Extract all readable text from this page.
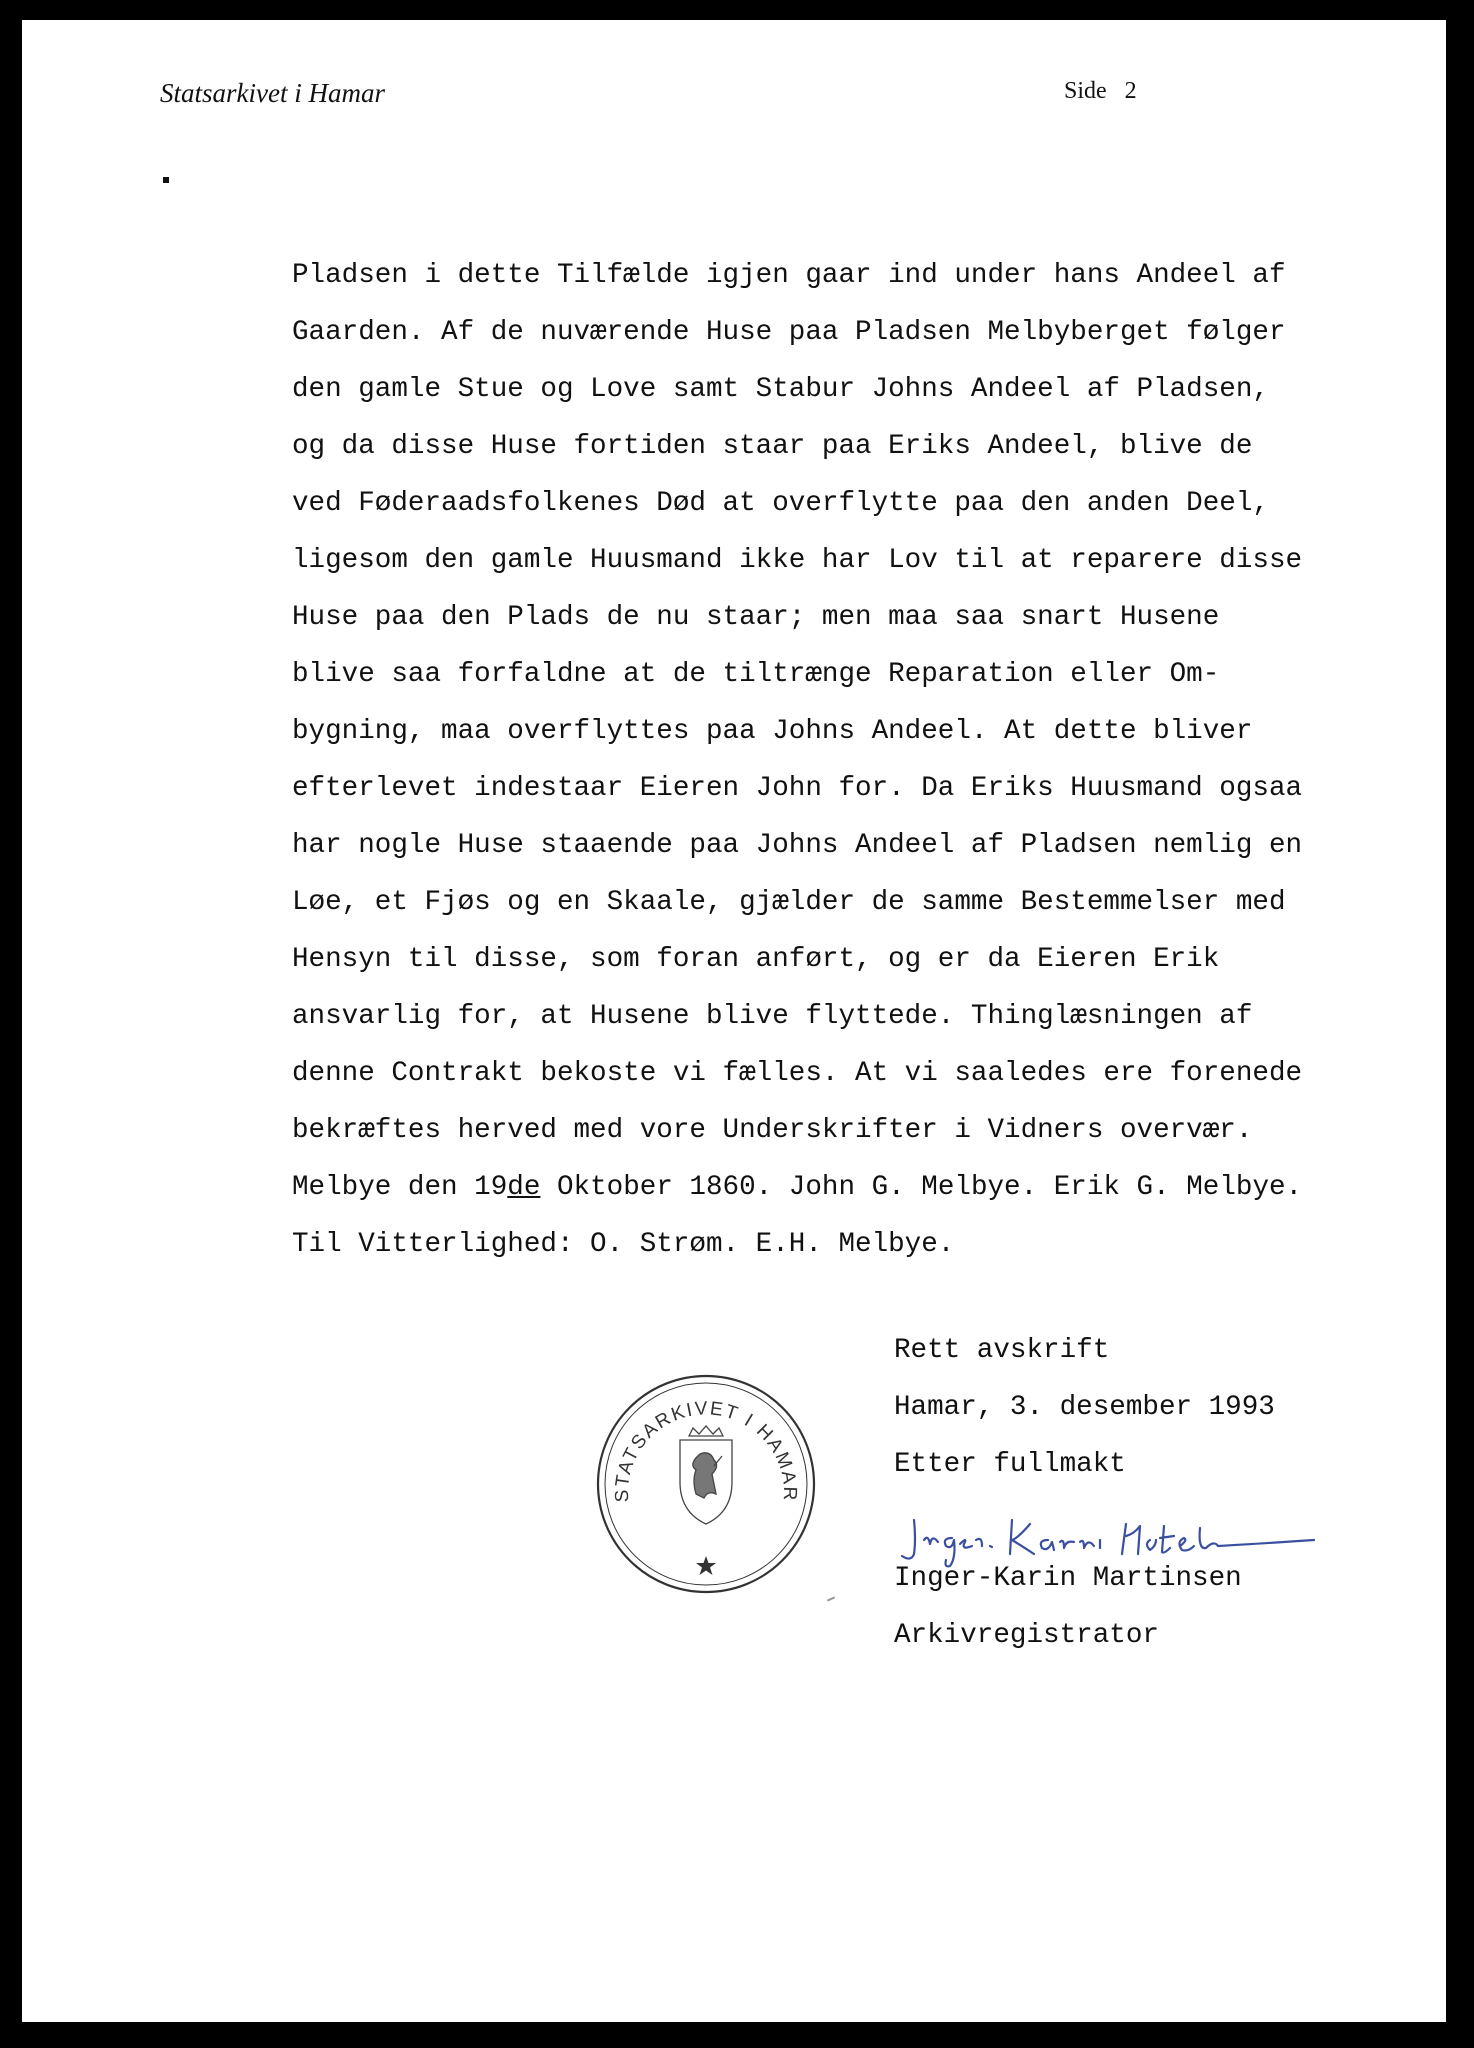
Statsarkivet i Hamar	Side 2
Pladsen i dette Tilfælde igjen gaar ind under hans Andeel af
Gaarden. Af de nuværende Huse paa Pladsen Melbyberget følger
den gamle Stue og Love samt Stabur Johns Andeel af Pladsen,
og da disse Huse fortiden staar paa Eriks Andeel, blive de
ved Føderaadsfolkenes Død at overflytte paa den anden Deel,
ligesom den gamle Huusmand ikke har Lov til at reparere disse
Huse paa den Plads de nu staar; men maa saa snart Husene
blive saa forfaldne at de tiltrænge Reparation eller Om-
bygning, maa overflyttes paa Johns Andeel. At dette bliver
efterlevet indestaar Eieren John for. Da Eriks Huusmand ogsaa
har nogle Huse staaende paa Johns Andeel af Pladsen nemlig en
Løe, et Fjøs og en Skaale, gjælder de samme Bestemmelser med
Hensyn til disse, som foran anført, og er da Eieren Erik
ansvarlig for, at Husene blive flyttede. Thinglæsningen af
denne Contrakt bekoste vi fælles. At vi saaledes ere forenede
bekræftes herved med vore Underskrifter i Vidners overvær.
Melbye den 19de Oktober 1860. John G. Melbye. Erik G. Melbye.
Til Vitterlighed: O. Strøm. E.H. Melbye.
STATSARKIVET I HAMAR
Rett avskrift
Hamar, 3. desember 1993
Etter fullmakt
Inger-Karin Martinsen
Arkivregistrator
